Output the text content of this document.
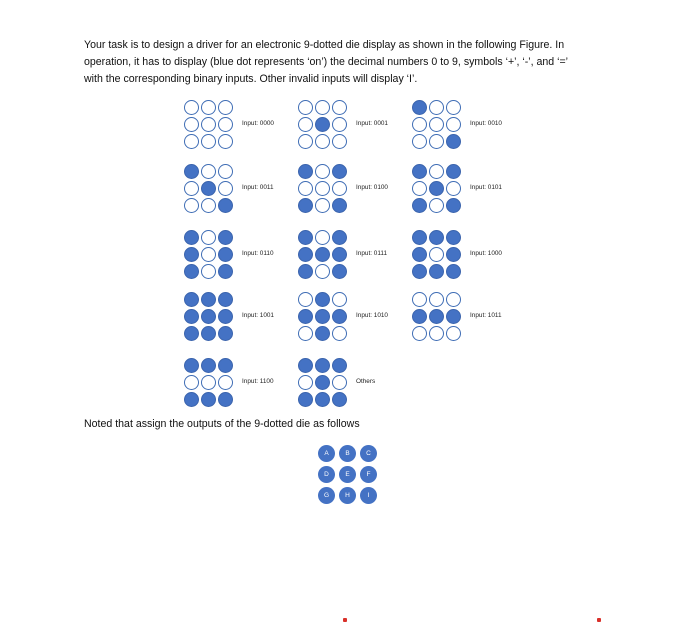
Your task is to design a driver for an electronic 9-dotted die display as shown in the following Figure. In
operation, it has to display (blue dot represents ‘on’) the decimal numbers 0 to 9, symbols ‘+’, ‘-’, and ‘=’
with the corresponding binary inputs. Other invalid inputs will display ‘I’.

Input: 0000	Input: 0001	Input: 0010
Input: 0011	Input: 0100	Input: 0101
Input: 0110	Input: 0111	Input: 1000
Input: 1001	Input: 1010	Input: 1011
Input: 1100	Others

Noted that assign the outputs of the 9-dotted die as follows

A	B	C
D	E	F
G	H	I
